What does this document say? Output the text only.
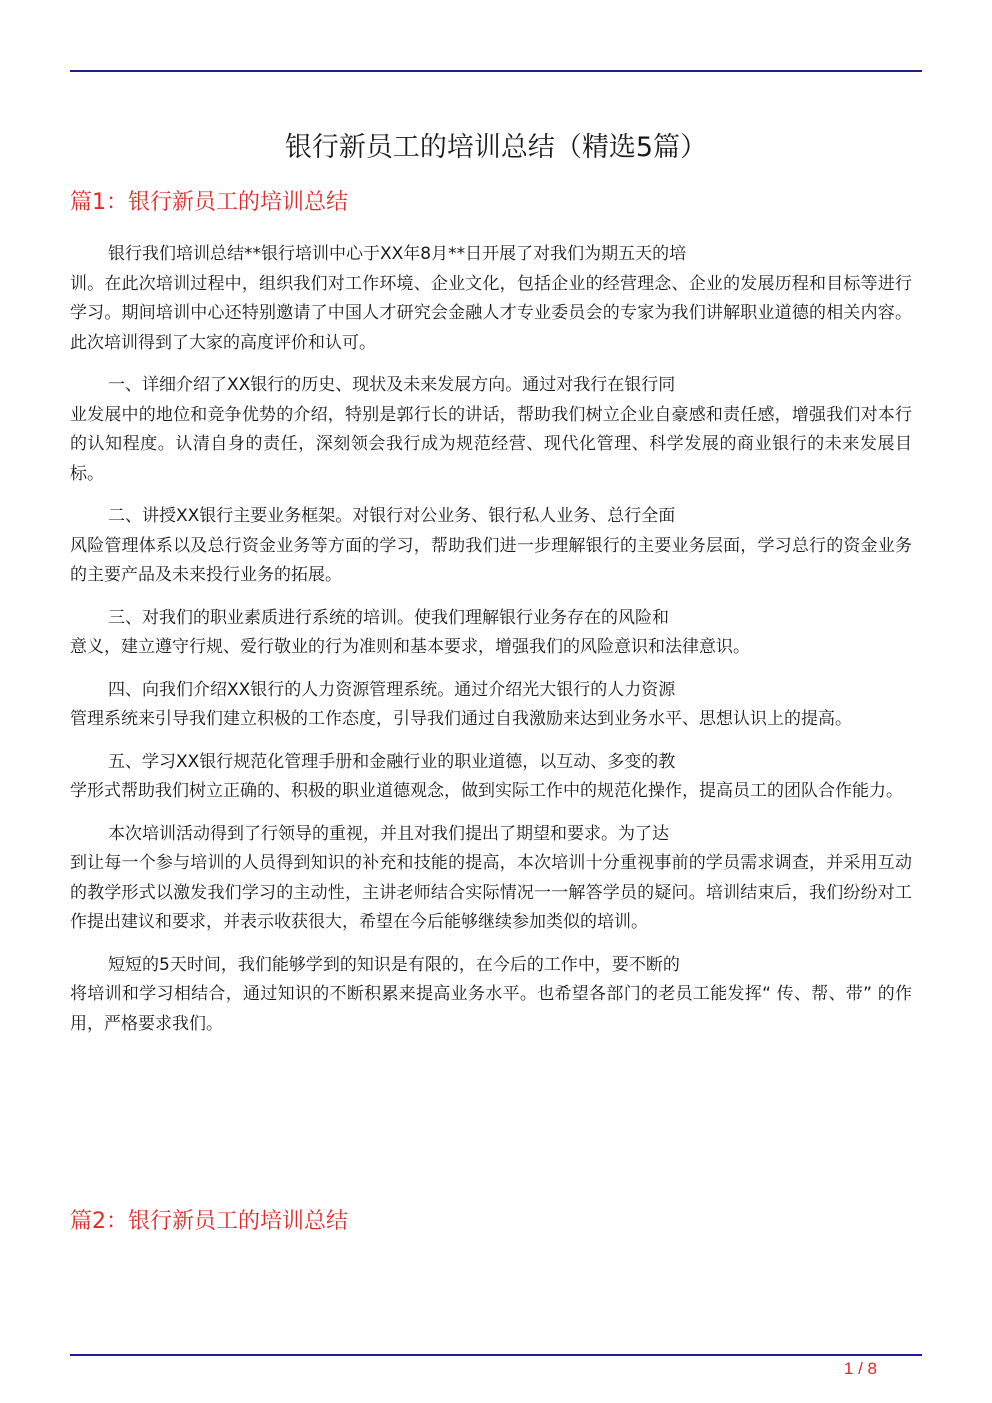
银行新员工的培训总结（精选5篇）
篇1：银行新员工的培训总结

银行我们培训总结**银行培训中心于XX年8月**日开展了对我们为期五天的培
训。在此次培训过程中，组织我们对工作环境、企业文化，包括企业的经营理念、企业的发展历程和目标等进行学习。期间培训中心还特别邀请了中国人才研究会金融人才专业委员会的专家为我们讲解职业道德的相关内容。此次培训得到了大家的高度评价和认可。

一、详细介绍了XX银行的历史、现状及未来发展方向。通过对我行在银行同
业发展中的地位和竞争优势的介绍，特别是郭行长的讲话，帮助我们树立企业自豪感和责任感，增强我们对本行的认知程度。认清自身的责任，深刻领会我行成为规范经营、现代化管理、科学发展的商业银行的未来发展目标。

二、讲授XX银行主要业务框架。对银行对公业务、银行私人业务、总行全面
风险管理体系以及总行资金业务等方面的学习，帮助我们进一步理解银行的主要业务层面，学习总行的资金业务的主要产品及未来投行业务的拓展。

三、对我们的职业素质进行系统的培训。使我们理解银行业务存在的风险和
意义，建立遵守行规、爱行敬业的行为准则和基本要求，增强我们的风险意识和法律意识。

四、向我们介绍XX银行的人力资源管理系统。通过介绍光大银行的人力资源
管理系统来引导我们建立积极的工作态度，引导我们通过自我激励来达到业务水平、思想认识上的提高。

五、学习XX银行规范化管理手册和金融行业的职业道德，以互动、多变的教
学形式帮助我们树立正确的、积极的职业道德观念，做到实际工作中的规范化操作，提高员工的团队合作能力。

本次培训活动得到了行领导的重视，并且对我们提出了期望和要求。为了达
到让每一个参与培训的人员得到知识的补充和技能的提高，本次培训十分重视事前的学员需求调查，并采用互动的教学形式以激发我们学习的主动性，主讲老师结合实际情况一一解答学员的疑问。培训结束后，我们纷纷对工作提出建议和要求，并表示收获很大，希望在今后能够继续参加类似的培训。

短短的5天时间，我们能够学到的知识是有限的，在今后的工作中，要不断的
将培训和学习相结合，通过知识的不断积累来提高业务水平。也希望各部门的老员工能发挥“ 传、帮、带” 的作用，严格要求我们。

篇2：银行新员工的培训总结
1 / 8
